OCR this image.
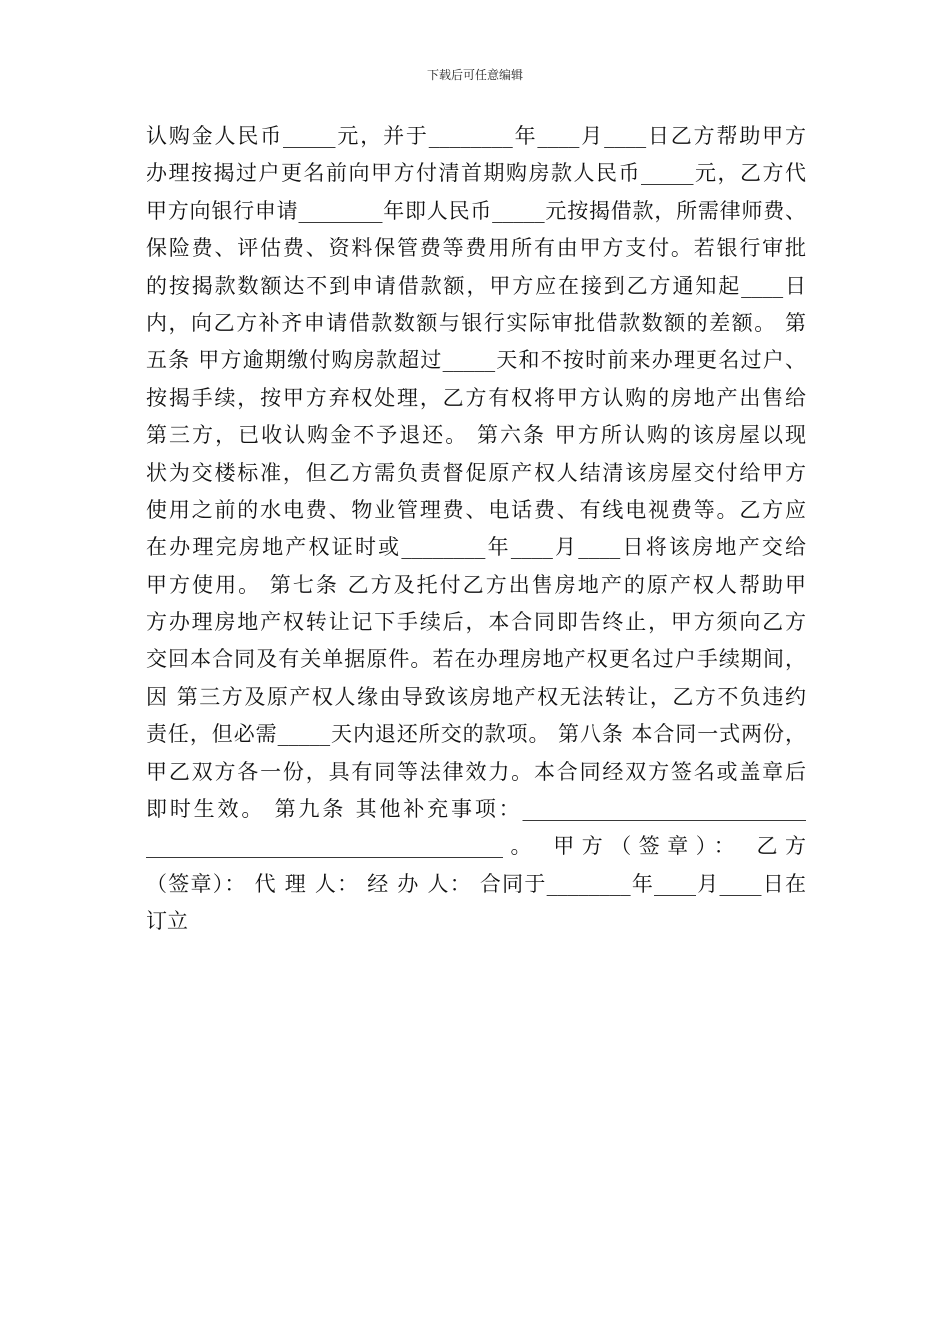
下载后可任意编辑
认购金人民币_____元，并于________年____月____日乙方帮助甲方
办理按揭过户更名前向甲方付清首期购房款人民币_____元，乙方代
甲方向银行申请________年即人民币_____元按揭借款，所需律师费、
保险费、评估费、资料保管费等费用所有由甲方支付。若银行审批
的按揭款数额达不到申请借款额，甲方应在接到乙方通知起____日
内，向乙方补齐申请借款数额与银行实际审批借款数额的差额。 第
五条 甲方逾期缴付购房款超过_____天和不按时前来办理更名过户、
按揭手续，按甲方弃权处理，乙方有权将甲方认购的房地产出售给
第三方，已收认购金不予退还。 第六条 甲方所认购的该房屋以现
状为交楼标准，但乙方需负责督促原产权人结清该房屋交付给甲方
使用之前的水电费、物业管理费、电话费、有线电视费等。乙方应
在办理完房地产权证时或________年____月____日将该房地产交给
甲方使用。 第七条 乙方及托付乙方出售房地产的原产权人帮助甲
方办理房地产权转让记下手续后，本合同即告终止，甲方须向乙方
交回本合同及有关单据原件。若在办理房地产权更名过户手续期间，
因 第三方及原产权人缘由导致该房地产权无法转让，乙方不负违约
责任，但必需_____天内退还所交的款项。 第八条 本合同一式两份，
甲乙双方各一份，具有同等法律效力。本合同经双方签名或盖章后
即时生效。 第九条 其他补充事项：___________________________
__________________________________。 甲方（签章）： 乙方
（签章）： 代 理 人： 经 办 人： 合同于________年____月____日在
订立
